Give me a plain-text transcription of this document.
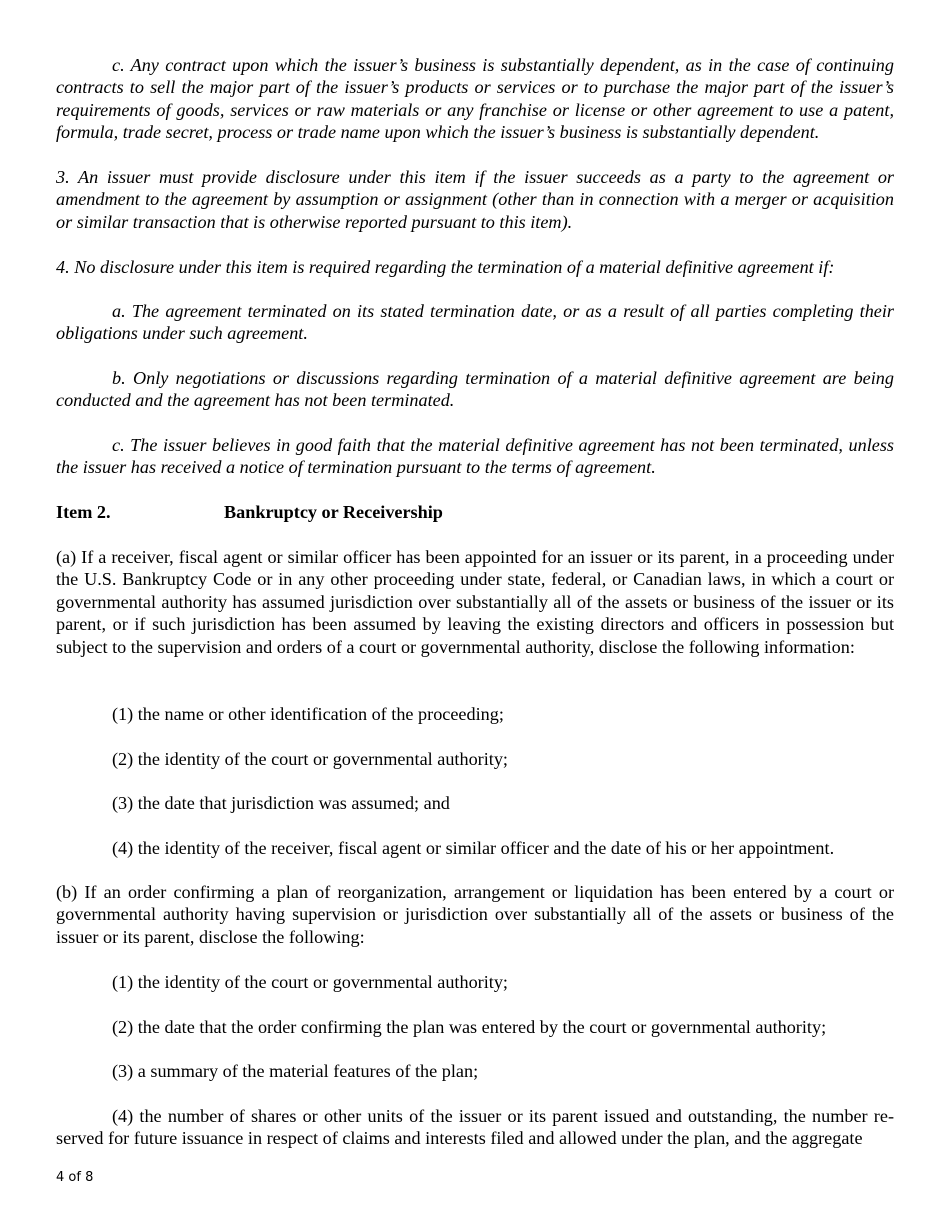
c. Any contract upon which the issuer’s business is substantially dependent, as in the case of continuing contracts to sell the major part of the issuer’s products or services or to purchase the major part of the issuer’s requirements of goods, services or raw materials or any franchise or license or other agreement to use a patent, formula, trade secret, process or trade name upon which the issuer’s business is substantially dependent.

3. An issuer must provide disclosure under this item if the issuer succeeds as a party to the agreement or amendment to the agreement by assumption or assignment (other than in connection with a merger or acquisition or similar transaction that is otherwise reported pursuant to this item).

4. No disclosure under this item is required regarding the termination of a material definitive agreement if:

a. The agreement terminated on its stated termination date, or as a result of all parties completing their obligations under such agreement.

b. Only negotiations or discussions regarding termination of a material definitive agreement are being conducted and the agreement has not been terminated.

c. The issuer believes in good faith that the material definitive agreement has not been terminated, unless the issuer has received a notice of termination pursuant to the terms of agreement.

Item 2.	Bankruptcy or Receivership

(a) If a receiver, fiscal agent or similar officer has been appointed for an issuer or its parent, in a proceeding under the U.S. Bankruptcy Code or in any other proceeding under state, federal, or Canadian laws, in which a court or governmental authority has assumed jurisdiction over substantially all of the assets or business of the issuer or its parent, or if such jurisdiction has been assumed by leaving the existing directors and officers in possession but subject to the supervision and orders of a court or governmental authority, disclose the following information:

(1) the name or other identification of the proceeding;

(2) the identity of the court or governmental authority;

(3) the date that jurisdiction was assumed; and

(4) the identity of the receiver, fiscal agent or similar officer and the date of his or her appointment.

(b) If an order confirming a plan of reorganization, arrangement or liquidation has been entered by a court or governmental authority having supervision or jurisdiction over substantially all of the assets or business of the issuer or its parent, disclose the following:

(1) the identity of the court or governmental authority;

(2) the date that the order confirming the plan was entered by the court or governmental authority;

(3) a summary of the material features of the plan;

(4) the number of shares or other units of the issuer or its parent issued and outstanding, the number reserved for future issuance in respect of claims and interests filed and allowed under the plan, and the aggregate

4 of 8
